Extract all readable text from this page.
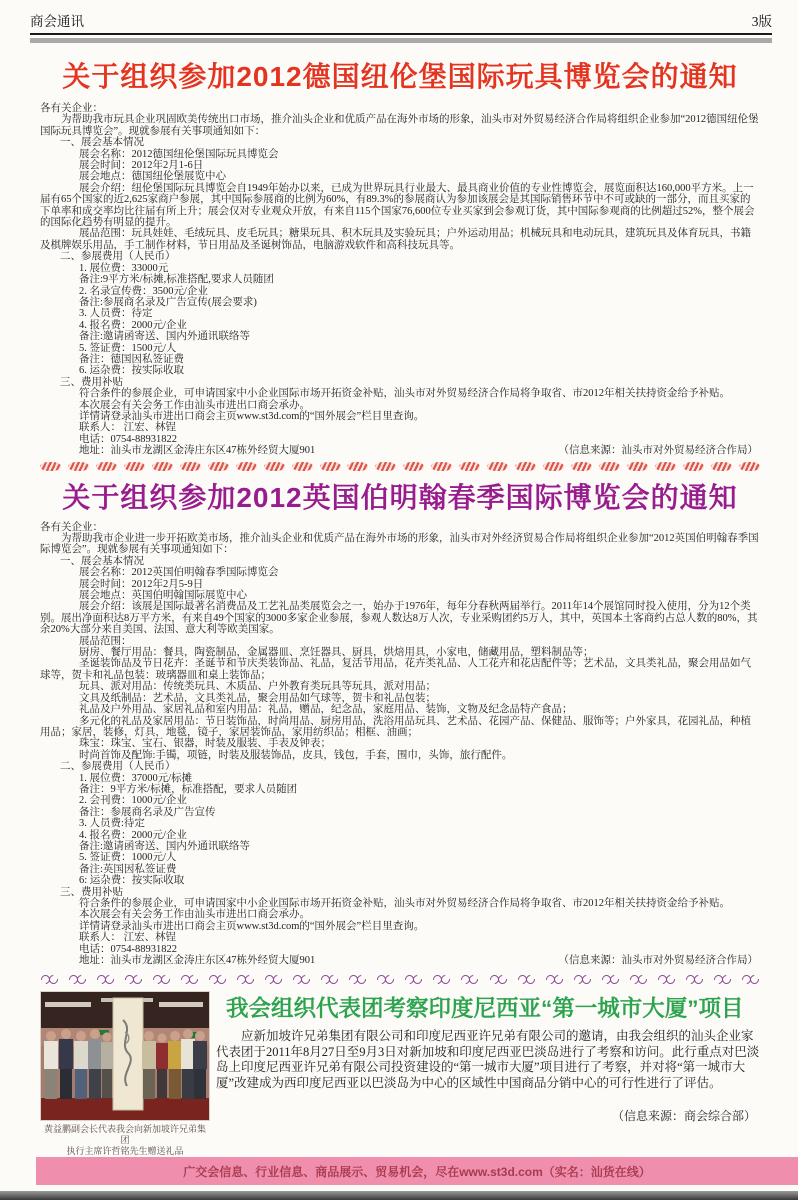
商会通讯	3版
关于组织参加2012德国纽伦堡国际玩具博览会的通知
各有关企业：
为帮助我市玩具企业巩固欧美传统出口市场，推介汕头企业和优质产品在海外市场的形象，汕头市对外贸易经济合作局将组织企业参加“2012德国纽伦堡国际玩具博览会”。现就参展有关事项通知如下：
一、展会基本情况
展会名称：2012德国纽伦堡国际玩具博览会
展会时间：2012年2月1-6日
展会地点：德国纽伦堡展览中心
展会介绍：纽伦堡国际玩具博览会自1949年始办以来，已成为世界玩具行业最大、最具商业价值的专业性博览会，展览面积达160,000平方米。上一届有65个国家的近2,625家商户参展，其中国际参展商的比例为60%，有89.3%的参展商认为参加该展会是其国际销售环节中不可或缺的一部分，而且买家的下单率和成交率均比往届有所上升；展会仅对专业观众开放，有来自115个国家76,600位专业买家到会参观订货，其中国际参观商的比例超过52%，整个展会的国际化趋势有明显的提升。
展品范围：玩具娃娃、毛绒玩具、皮毛玩具；糖果玩具、积木玩具及实验玩具；户外运动用品；机械玩具和电动玩具，建筑玩具及体育玩具，书籍及棋牌娱乐用品，手工制作材料，节日用品及圣诞树饰品，电脑游戏软件和高科技玩具等。
二、参展费用（人民币）
1. 展位费：33000元
备注:9平方米/标摊,标准搭配,要求人员随团
2. 名录宣传费：3500元/企业
备注:参展商名录及广告宣传(展会要求)
3. 人员费：待定
4. 报名费：2000元/企业
备注:邀请函寄送、国内外通讯联络等
5. 签证费：1500元/人
备注：德国因私签证费
6. 运杂费：按实际收取
三、费用补贴
符合条件的参展企业，可申请国家中小企业国际市场开拓资金补贴，汕头市对外贸易经济合作局将争取省、市2012年相关扶持资金给予补贴。
本次展会有关会务工作由汕头市进出口商会承办。
详情请登录汕头市进出口商会主页www.st3d.com的“国外展会”栏目里查询。
联系人： 江宏、林锃
电话：0754-88931822
地址：汕头市龙湖区金涛庄东区47栋外经贸大厦901	（信息来源：汕头市对外贸易经济合作局）
关于组织参加2012英国伯明翰春季国际博览会的通知
各有关企业：
为帮助我市企业进一步开拓欧美市场，推介汕头企业和优质产品在海外市场的形象，汕头市对外经济贸易合作局将组织企业参加“2012英国伯明翰春季国际博览会”。现就参展有关事项通知如下：
一、展会基本情况
展会名称：2012英国伯明翰春季国际博览会
展会时间：2012年2月5-9日
展会地点：英国伯明翰国际展览中心
展会介绍：该展是国际最著名消费品及工艺礼品类展览会之一，始办于1976年，每年分春秋两届举行。2011年14个展馆同时投入使用，分为12个类别。展出净面积达8万平方米，有来自49个国家的3000多家企业参展，参观人数达8万人次，专业采购团约5万人，其中，英国本土客商约占总人数的80%，其余20%大部分来自美国、法国、意大利等欧美国家。
展品范围：
厨房、餐厅用品：餐具，陶瓷制品，金属器皿、烹饪器具、厨具，烘焙用具，小家电，储藏用品，塑料制品等；
圣诞装饰品及节日花卉：圣诞节和节庆类装饰品、礼品，复活节用品，花卉类礼品、人工花卉和花店配件等；艺术品，文具类礼品，聚会用品如气球等，贺卡和礼品包装：玻璃器皿和桌上装饰品；
玩具、派对用品：传统类玩具、木质品、户外教育类玩具等玩具，派对用品；
文具及纸制品：艺术品，文具类礼品，聚会用品如气球等，贺卡和礼品包装；
礼品及户外用品、家居礼品和室内用品：礼品，赠品，纪念品，家庭用品、装饰，文物及纪念品特产食品；
多元化的礼品及家居用品：节日装饰品，时尚用品、厨房用品，洗浴用品玩具、艺术品、花园产品、保健品、服饰等；户外家具，花园礼品，种植用品；家居，装修，灯具，地毯，镜子，家居装饰品，家用纺织品；相框、油画；
珠宝：珠宝、宝石、银器，时装及服装、手表及钟表；
时尚首饰及配饰:手镯，项链，时装及服装饰品，皮具，钱包，手套，围巾，头饰，旅行配件。
二、参展费用（人民币）
1. 展位费：37000元/标摊
备注：9平方米/标摊，标准搭配，要求人员随团
2. 会刊费：1000元/企业
备注：参展商名录及广告宣传
3. 人员费:待定
4. 报名费：2000元/企业
备注:邀请函寄送、国内外通讯联络等
5. 签证费：1000元/人
备注:英国因私签证费
6: 运杂费：按实际收取
三、费用补贴
符合条件的参展企业，可申请国家中小企业国际市场开拓资金补贴，汕头市对外贸易经济合作局将争取省、市2012年相关扶持资金给予补贴。
本次展会有关会务工作由汕头市进出口商会承办。
详情请登录汕头市进出口商会主页www.st3d.com的“国外展会”栏目里查询。
联系人： 江宏、林锃
电话：0754-88931822
地址：汕头市龙湖区金涛庄东区47栋外经贸大厦901	（信息来源：汕头市对外贸易经济合作局）
黄益鹏副会长代表我会向新加坡许兄弟集团
执行主席许哲铭先生赠送礼品
我会组织代表团考察印度尼西亚“第一城市大厦”项目

应新加坡许兄弟集团有限公司和印度尼西亚许兄弟有限公司的邀请，由我会组织的汕头企业家代表团于2011年8月27日至9月3日对新加坡和印度尼西亚巴淡岛进行了考察和访问。此行重点对巴淡岛上印度尼西亚许兄弟有限公司投资建设的“第一城市大厦”项目进行了考察，并对将“第一城市大厦”改建成为西印度尼西亚以巴淡岛为中心的区域性中国商品分销中心的可行性进行了评估。

（信息来源：商会综合部）
广交会信息、行业信息、商品展示、贸易机会，尽在www.st3d.com（实名：汕货在线）
